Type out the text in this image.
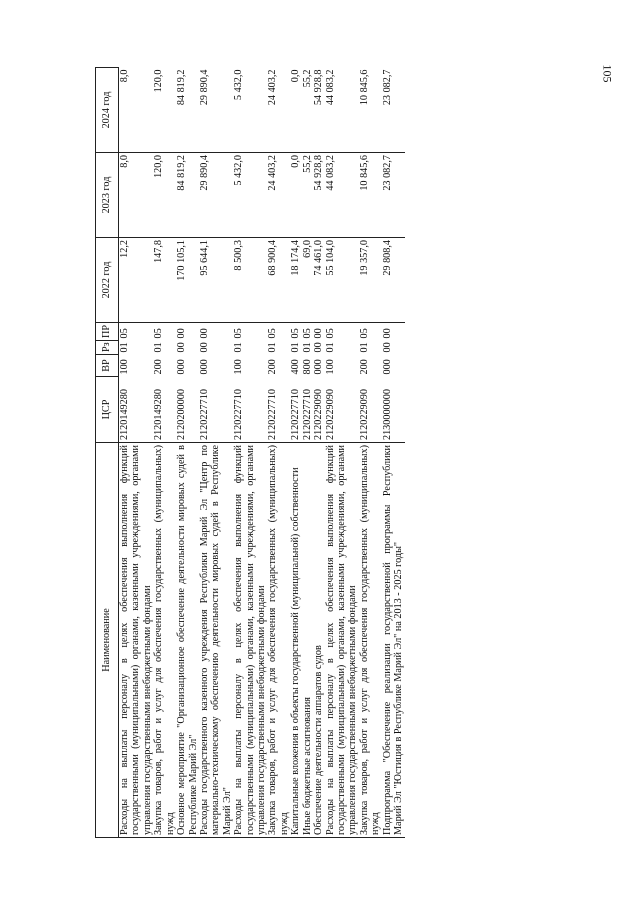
105
Наименование	ЦСР	ВР	Рз	ПР	2022 год	2023 год	2024 год
Расходы на выплаты персоналу в целях обеспечения выполнения функций государственными (муниципальными) органами, казенными учреждениями, органами управления государственными внебюджетными фондами	2120149280	100	01	05	12,2	8,0	8,0
Закупка товаров, работ и услуг для обеспечения государственных (муниципальных) нужд	2120149280	200	01	05	147,8	120,0	120,0
Основное мероприятие "Организационное обеспечение деятельности мировых судей в Республике Марий Эл"	2120200000	000	00	00	170 105,1	84 819,2	84 819,2
Расходы государственного казенного учреждения Республики Марий Эл "Центр по материально-техническому обеспечению деятельности мировых судей в Республике Марий Эл"	2120227710	000	00	00	95 644,1	29 890,4	29 890,4
Расходы на выплаты персоналу в целях обеспечения выполнения функций государственными (муниципальными) органами, казенными учреждениями, органами управления государственными внебюджетными фондами	2120227710	100	01	05	8 500,3	5 432,0	5 432,0
Закупка товаров, работ и услуг для обеспечения государственных (муниципальных) нужд	2120227710	200	01	05	68 900,4	24 403,2	24 403,2
Капитальные вложения в объекты государственной (муниципальной) собственности	2120227710	400	01	05	18 174,4	0,0	0,0
Иные бюджетные ассигнования	2120227710	800	01	05	69,0	55,2	55,2
Обеспечение деятельности аппаратов судов	2120229090	000	00	00	74 461,0	54 928,8	54 928,8
Расходы на выплаты персоналу в целях обеспечения выполнения функций государственными (муниципальными) органами, казенными учреждениями, органами управления государственными внебюджетными фондами	2120229090	100	01	05	55 104,0	44 083,2	44 083,2
Закупка товаров, работ и услуг для обеспечения государственных (муниципальных) нужд	2120229090	200	01	05	19 357,0	10 845,6	10 845,6
Подпрограмма "Обеспечение реализации государственной программы Республики Марий Эл "Юстиция в Республике Марий Эл" на 2013 - 2025 годы"	2130000000	000	00	00	29 808,4	23 082,7	23 082,7
